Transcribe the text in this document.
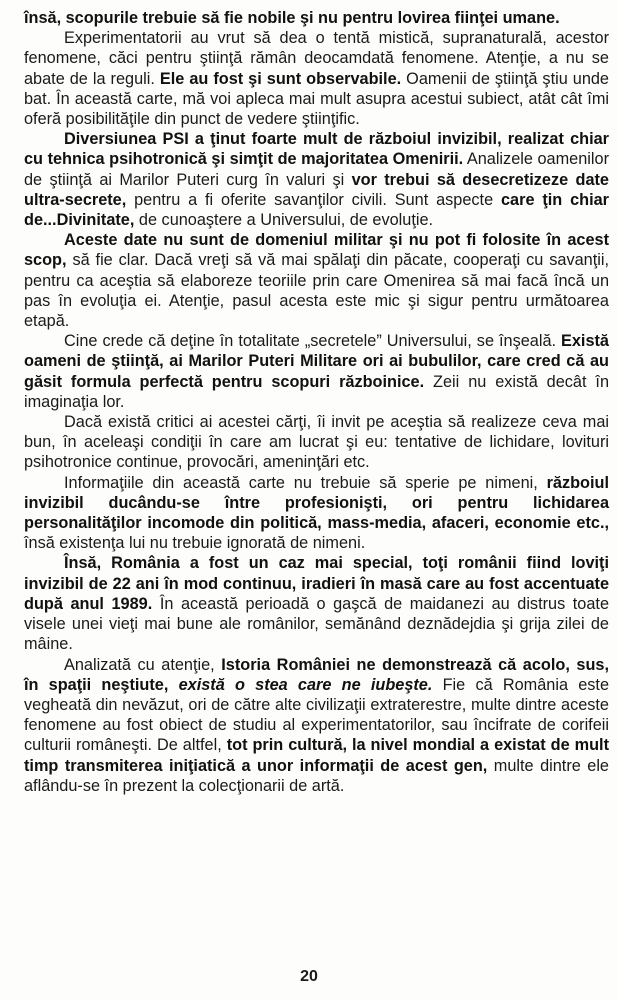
însă, scopurile trebuie să fie nobile şi nu pentru lovirea fiinţei umane.

Experimentatorii au vrut să dea o tentă mistică, supranaturală, acestor fenomene, căci pentru ştiinţă rămân deocamdată fenomene. Atenţie, a nu se abate de la reguli. Ele au fost şi sunt observabile. Oamenii de ştiinţă ştiu unde bat. În această carte, mă voi apleca mai mult asupra acestui subiect, atât cât îmi oferă posibilităţile din punct de vedere ştiinţific.

Diversiunea PSI a ţinut foarte mult de războiul invizibil, realizat chiar cu tehnica psihotronică şi simţit de majoritatea Omenirii. Analizele oamenilor de ştiinţă ai Marilor Puteri curg în valuri şi vor trebui să desecretizeze date ultra-secrete, pentru a fi oferite savanţilor civili. Sunt aspecte care ţin chiar de...Divinitate, de cunoaştere a Universului, de evoluţie.

Aceste date nu sunt de domeniul militar şi nu pot fi folosite în acest scop, să fie clar. Dacă vreţi să vă mai spălaţi din păcate, cooperaţi cu savanţii, pentru ca aceştia să elaboreze teoriile prin care Omenirea să mai facă încă un pas în evoluţia ei. Atenţie, pasul acesta este mic şi sigur pentru următoarea etapă.

Cine crede că deţine în totalitate „secretele” Universului, se înşeală. Există oameni de ştiinţă, ai Marilor Puteri Militare ori ai bubulilor, care cred că au găsit formula perfectă pentru scopuri războinice. Zeii nu există decât în imaginaţia lor.

Dacă există critici ai acestei cărţi, îi invit pe aceştia să realizeze ceva mai bun, în aceleaşi condiţii în care am lucrat şi eu: tentative de lichidare, lovituri psihotronice continue, provocări, ameninţări etc.

Informaţiile din această carte nu trebuie să sperie pe nimeni, războiul invizibil ducându-se între profesionişti, ori pentru lichidarea personalităţilor incomode din politică, mass-media, afaceri, economie etc., însă existenţa lui nu trebuie ignorată de nimeni.

Însă, România a fost un caz mai special, toţi românii fiind loviţi invizibil de 22 ani în mod continuu, iradieri în masă care au fost accentuate după anul 1989. În această perioadă o gaşcă de maidanezi au distrus toate visele unei vieţi mai bune ale românilor, semănând deznădejdia şi grija zilei de mâine.

Analizată cu atenţie, Istoria României ne demonstrează că acolo, sus, în spaţii neştiute, există o stea care ne iubeşte. Fie că România este vegheată din nevăzut, ori de către alte civilizaţii extraterestre, multe dintre aceste fenomene au fost obiect de studiu al experimentatorilor, sau încifrate de corifeii culturii româneşti. De altfel, tot prin cultură, la nivel mondial a existat de mult timp transmiterea iniţiatică a unor informaţii de acest gen, multe dintre ele aflându-se în prezent la colecţionarii de artă.

20
